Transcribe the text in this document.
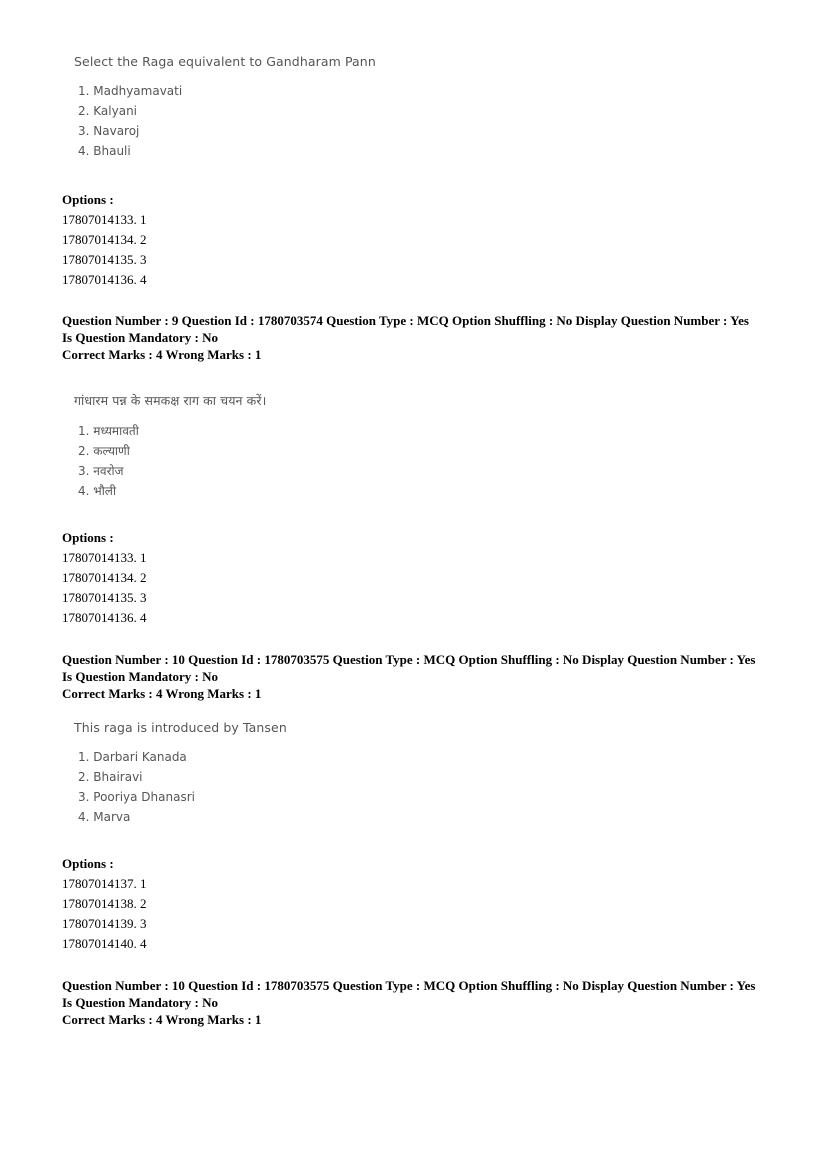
Select the Raga equivalent to Gandharam Pann
1. Madhyamavati
2. Kalyani
3. Navaroj
4. Bhauli
Options :
17807014133. 1
17807014134. 2
17807014135. 3
17807014136. 4
Question Number : 9 Question Id : 1780703574 Question Type : MCQ Option Shuffling : No Display Question Number : Yes
Is Question Mandatory : No
Correct Marks : 4 Wrong Marks : 1
गांधारम पन्न के समकक्ष राग का चयन करें।
1. मध्यमावती
2. कल्याणी
3. नवरोज
4. भौली
Options :
17807014133. 1
17807014134. 2
17807014135. 3
17807014136. 4
Question Number : 10 Question Id : 1780703575 Question Type : MCQ Option Shuffling : No Display Question Number : Yes
Is Question Mandatory : No
Correct Marks : 4 Wrong Marks : 1
This raga is introduced by Tansen
1. Darbari Kanada
2. Bhairavi
3. Pooriya Dhanasri
4. Marva
Options :
17807014137. 1
17807014138. 2
17807014139. 3
17807014140. 4
Question Number : 10 Question Id : 1780703575 Question Type : MCQ Option Shuffling : No Display Question Number : Yes
Is Question Mandatory : No
Correct Marks : 4 Wrong Marks : 1
